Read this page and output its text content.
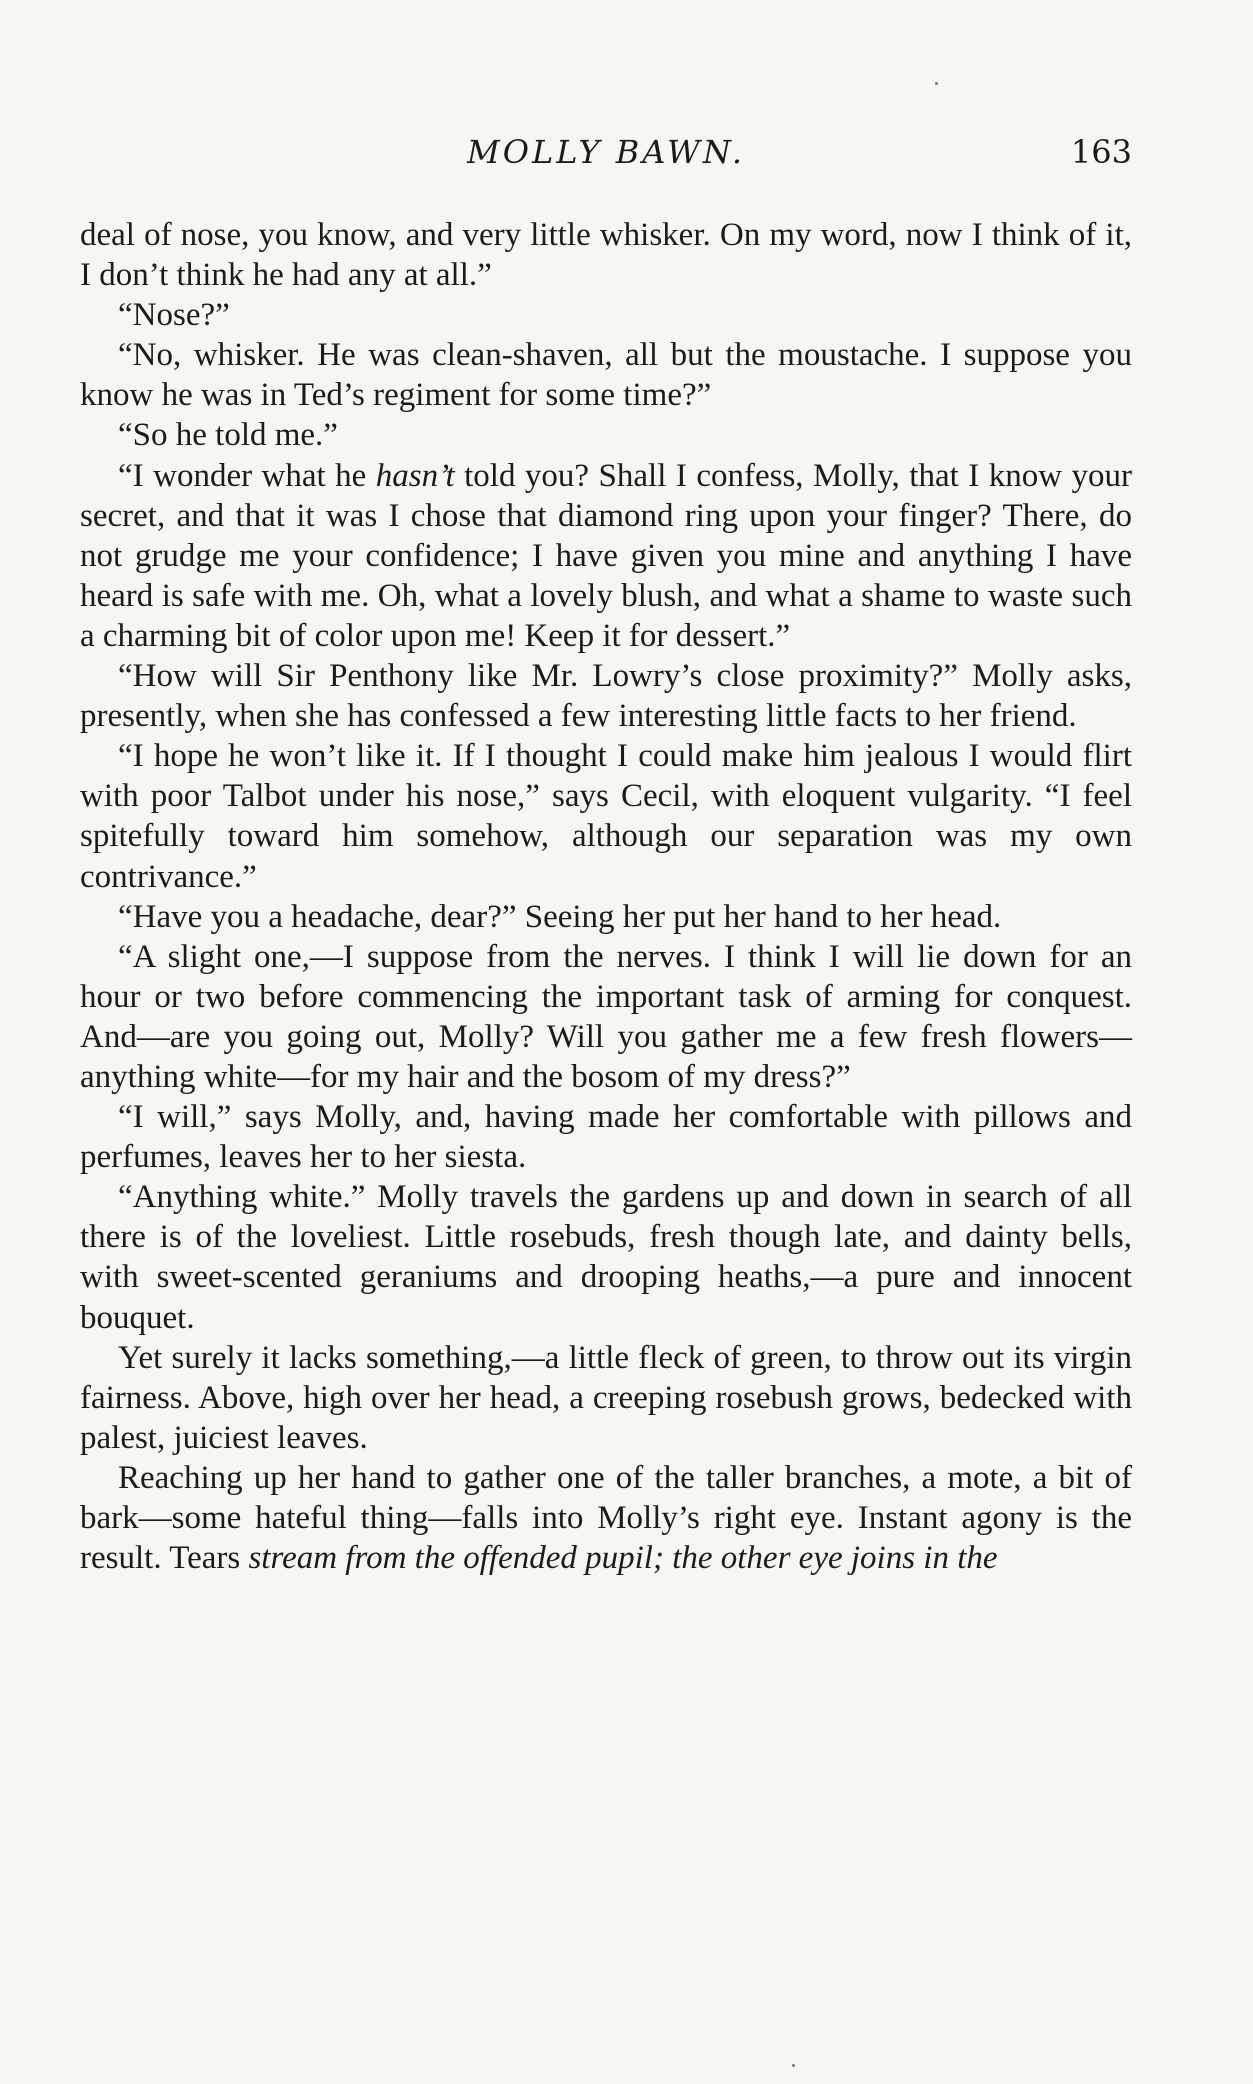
MOLLY BAWN.	163

deal of nose, you know, and very little whisker. On my word, now I think of it, I don’t think he had any at all.”

“Nose?”

“No, whisker. He was clean-shaven, all but the moustache. I suppose you know he was in Ted’s regiment for some time?”

“So he told me.”

“I wonder what he hasn’t told you? Shall I confess, Molly, that I know your secret, and that it was I chose that diamond ring upon your finger? There, do not grudge me your confidence; I have given you mine and anything I have heard is safe with me. Oh, what a lovely blush, and what a shame to waste such a charming bit of color upon me! Keep it for dessert.”

“How will Sir Penthony like Mr. Lowry’s close proximity?” Molly asks, presently, when she has confessed a few interesting little facts to her friend.

“I hope he won’t like it. If I thought I could make him jealous I would flirt with poor Talbot under his nose,” says Cecil, with eloquent vulgarity. “I feel spitefully toward him somehow, although our separation was my own contrivance.”

“Have you a headache, dear?” Seeing her put her hand to her head.

“A slight one,—I suppose from the nerves. I think I will lie down for an hour or two before commencing the important task of arming for conquest. And—are you going out, Molly? Will you gather me a few fresh flowers—anything white—for my hair and the bosom of my dress?”

“I will,” says Molly, and, having made her comfortable with pillows and perfumes, leaves her to her siesta.

“Anything white.” Molly travels the gardens up and down in search of all there is of the loveliest. Little rosebuds, fresh though late, and dainty bells, with sweet-scented geraniums and drooping heaths,—a pure and innocent bouquet.

Yet surely it lacks something,—a little fleck of green, to throw out its virgin fairness. Above, high over her head, a creeping rosebush grows, bedecked with palest, juiciest leaves.

Reaching up her hand to gather one of the taller branches, a mote, a bit of bark—some hateful thing—falls into Molly’s right eye. Instant agony is the result. Tears stream from the offended pupil; the other eye joins in the
